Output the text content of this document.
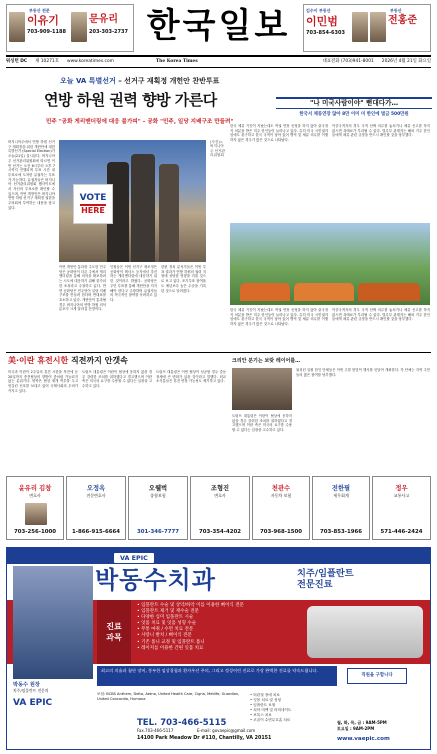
부동산 전문
이유기
703-909-1188
문유리
203-303-2737 한국일보	김수이 부동산
이민범
703-854-6303
부동산
전홍준
워싱턴 DC 제 10271호 www.koreatimes.com	The Korea Times	대표전화 (703)941-8001 2026년 4월 21일 화요일
오늘 VA 특별선거 – 선거구 재획정 개헌안 찬반투표
연방 하원 권력 향방 가른다
민주 "공화 게리맨더링에 대응 불가피" – 공화 "민주, 일당 지배구조 만들려"
버지니아주에서 연방 하원 선거구 재획정을 위한 개헌안에 대한 특별선거 (Special Election)가 오늘(21일) 실시된다. 버지니아 주 선거관리위원회에 따르면 이번 선거는 오전 6시부터 오후 7시까지 진행되며 투표 시간 내 투표소에 도착한 유권자는 투표가 가능하다. 유권자들은 버지니아 선거관리위원회 웹사이트에서 자신의 투표소를 확인할 수 있으며, 이번 개헌안은 버지니아 연방 하원 선거구 재획정 권한을 주의회에 부여하는 내용을 담고 있다.
VOTE
HERE
(사진)=버지니아주 선거관리위원회
이번 개헌안 통과를 주도한 민주당은 공화당이 다른 주에서 게리맨더링을 통해 의석을 확보하려는 시도에 대응하기 위해 불가피한 조치라고 주장하고 있다. 반면 공화당은 민주당이 일당 지배구조를 만들려 한다며 반대표를 호소하고 있다. 개헌안이 통과될 경우 버지니아의 연방 하원 의석 분포가 크게 달라질 전망이다.
인원들은 이번 선거구 재조정은 공화당이 텍사스 등지에서 추진하는 게리맨더링에 대응하기 위한 것이라고 밝혔다. 공화당은 주민 투표를 통해 개헌안을 저지해야 한다고 주장하며 유권자들의 적극적인 참여를 독려하고 있다.
한편 정치 분석가들은 이번 투표 결과가 연방 하원의 권력 지형에 상당한 영향을 미칠 것으로 보고 있다. 조기투표 참여율도 예년보다 높은 수준을 기록한 것으로 알려졌다.
"나 미국사람이야" 뻗대다가…
한국서 체류연장 않아 8만 이미 미 한인에 벌금 500만원
한국 체류 기간이 지났는데도 여권 연장 신청을 하지 않아 출국정지 처분을 받은 미주 한인들이 늘어나고 있다. 특히 미국 시민권자임에도 불구하고 한국 국적이 남아 있어 병역 및 체류 의무를 이행하지 않은 경우가 많은 것으로 나타났다.
이중국적자의 경우 국적 선택 의무를 놓치거나 체류 신고를 하지 않으면 과태료가 부과될 수 있다. 법무부 관계자는 해외 거주 한인들에게 체류 관련 규정을 반드시 확인할 것을 당부했다.
한국 체류 기간이 지났는데도 여권 연장 신청을 하지 않아 출국정지 처분을 받은 미주 한인들이 늘어나고 있다. 특히 미국 시민권자임에도 불구하고 한국 국적이 남아 있어 병역 및 체류 의무를 이행하지 않은 경우가 많은 것으로 나타났다.
이중국적자의 경우 국적 선택 의무를 놓치거나 체류 신고를 하지 않으면 과태료가 부과될 수 있다. 법무부 관계자는 해외 거주 한인들에게 체류 관련 규정을 반드시 확인할 것을 당부했다.
美·이란 휴전시한 직전까지 안갯속
미국과 이란이 2주일의 휴전 시한을 목전에 둔 20일까지 종전협상의 향방이 좀처럼 가늠되지 않는 분위기다. 양측은 협상 재개 여부를 두고 엇갈린 신호를 보내고 있어 국제사회의 우려가 커지고 있다.
트럼프 대통령은 이란이 협상에 응하지 않을 경우 강력한 조치를 취하겠다고 경고했으며 이란 측은 미국의 요구를 수용할 수 없다는 입장을 고수하고 있다.
트럼프 대통령은 이번 협상이 성공할 경우 중동 정세에 큰 변화가 있을 것이라고 말했다. 외교 소식통들은 휴전 연장 가능성도 제기하고 있다.
크리안 분기는 보랏 레이어를…
워싱턴 일원 한인 단체들은 이번 주말 봄맞이 행사를 잇달아 개최한다. 각 단체는 지역 주민들의 많은 참여를 당부했다.
트럼프 대통령은 이란이 협상에 응하지 않을 경우 강력한 조치를 취하겠다고 경고했으며 이란 측은 미국의 요구를 수용할 수 없다는 입장을 고수하고 있다.
윤유리 김창
변호사
703-256-1000
오정옥
전문변호사
1-866-915-6664
오웰벅
종합보험
301-346-7777
조형진
변호사
703-354-4202
천관수
자동차 보험
703-968-1500
전한필
세무회계
703-853-1966
정우
교통사고
571-446-2424
VA EPIC
박동수치과	치주/임플란트
전문진료
진료
과목
• 임플란트 수술 및 상악/하악 이를 이용한 뼈이식 전문
• 임플란트 제거 및 재수술 전문
• 다양한 심미 임플란트 시술
• 잇몸 치료 및 잇몸 성형 수술
• 무통 마취 / 수면 치료 전문
• 사랑니 발치 / 뼈이식 전문
• 기존 틀니 교정 및 임플란트 틀니
• 레이저를 이용한 간편 잇몸 치료
박동수 원장
치주/임플란트 전문의
최고의 의술과 첨단 장비, 풍부한 임상경험과 환자우선 주의, 그리고 정성어린 진료로 가장 완벽한 진료를 약속드립니다.
직원을 구합니다
보험: BCBS Anthem, Delta, Aetna, United Health Care, Cigna, Metlife, Guardian, United Concordia, Humana
• 턱관절 장애 치료
• 잇몸 치료 및 성형
• 임플란트 보철
• 치아 미백 및 라미네이트
• 보톡스 치료
• 코골이 수면무호흡 치료
VA EPIC
TEL. 703-466-5115
Fax.703-466-5117	E-mail: govaepic@gmail.com
14100 Park Meadow Dr #110, Chantilly, VA 20151
월, 화, 목, 금 : 9AM-5PM
토요일 : 9AM-2PM
www.vaepic.com
